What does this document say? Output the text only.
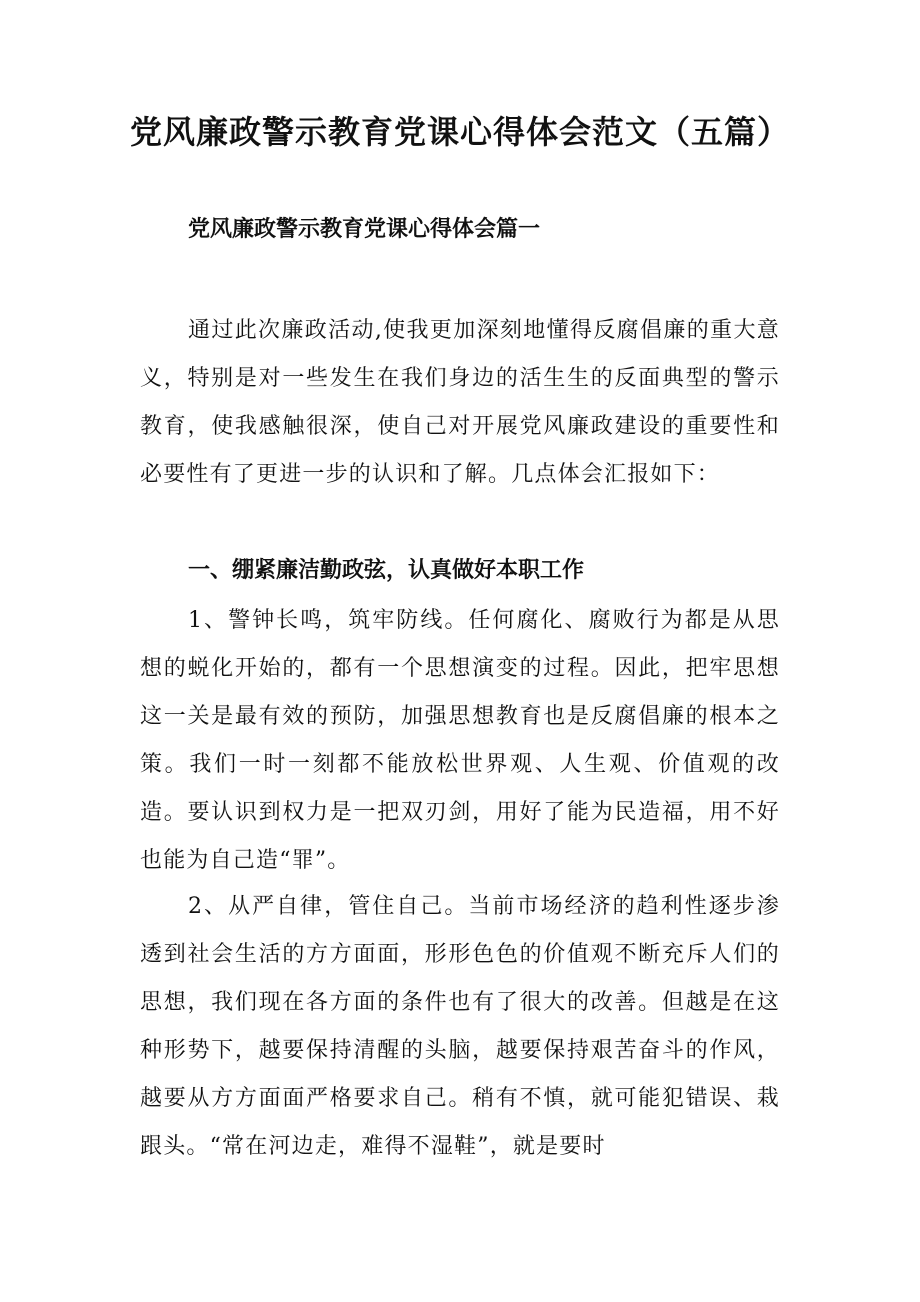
党风廉政警示教育党课心得体会范文（五篇）
党风廉政警示教育党课心得体会篇一

通过此次廉政活动,使我更加深刻地懂得反腐倡廉的重大意义，特别是对一些发生在我们身边的活生生的反面典型的警示教育，使我感触很深，使自己对开展党风廉政建设的重要性和必要性有了更进一步的认识和了解。几点体会汇报如下：

一、绷紧廉洁勤政弦，认真做好本职工作

1、警钟长鸣，筑牢防线。任何腐化、腐败行为都是从思想的蜕化开始的，都有一个思想演变的过程。因此，把牢思想这一关是最有效的预防，加强思想教育也是反腐倡廉的根本之策。我们一时一刻都不能放松世界观、人生观、价值观的改造。要认识到权力是一把双刃剑，用好了能为民造福，用不好也能为自己造“罪”。

2、从严自律，管住自己。当前市场经济的趋利性逐步渗透到社会生活的方方面面，形形色色的价值观不断充斥人们的思想，我们现在各方面的条件也有了很大的改善。但越是在这种形势下，越要保持清醒的头脑，越要保持艰苦奋斗的作风，越要从方方面面严格要求自己。稍有不慎，就可能犯错误、栽跟头。“常在河边走，难得不湿鞋”，就是要时
